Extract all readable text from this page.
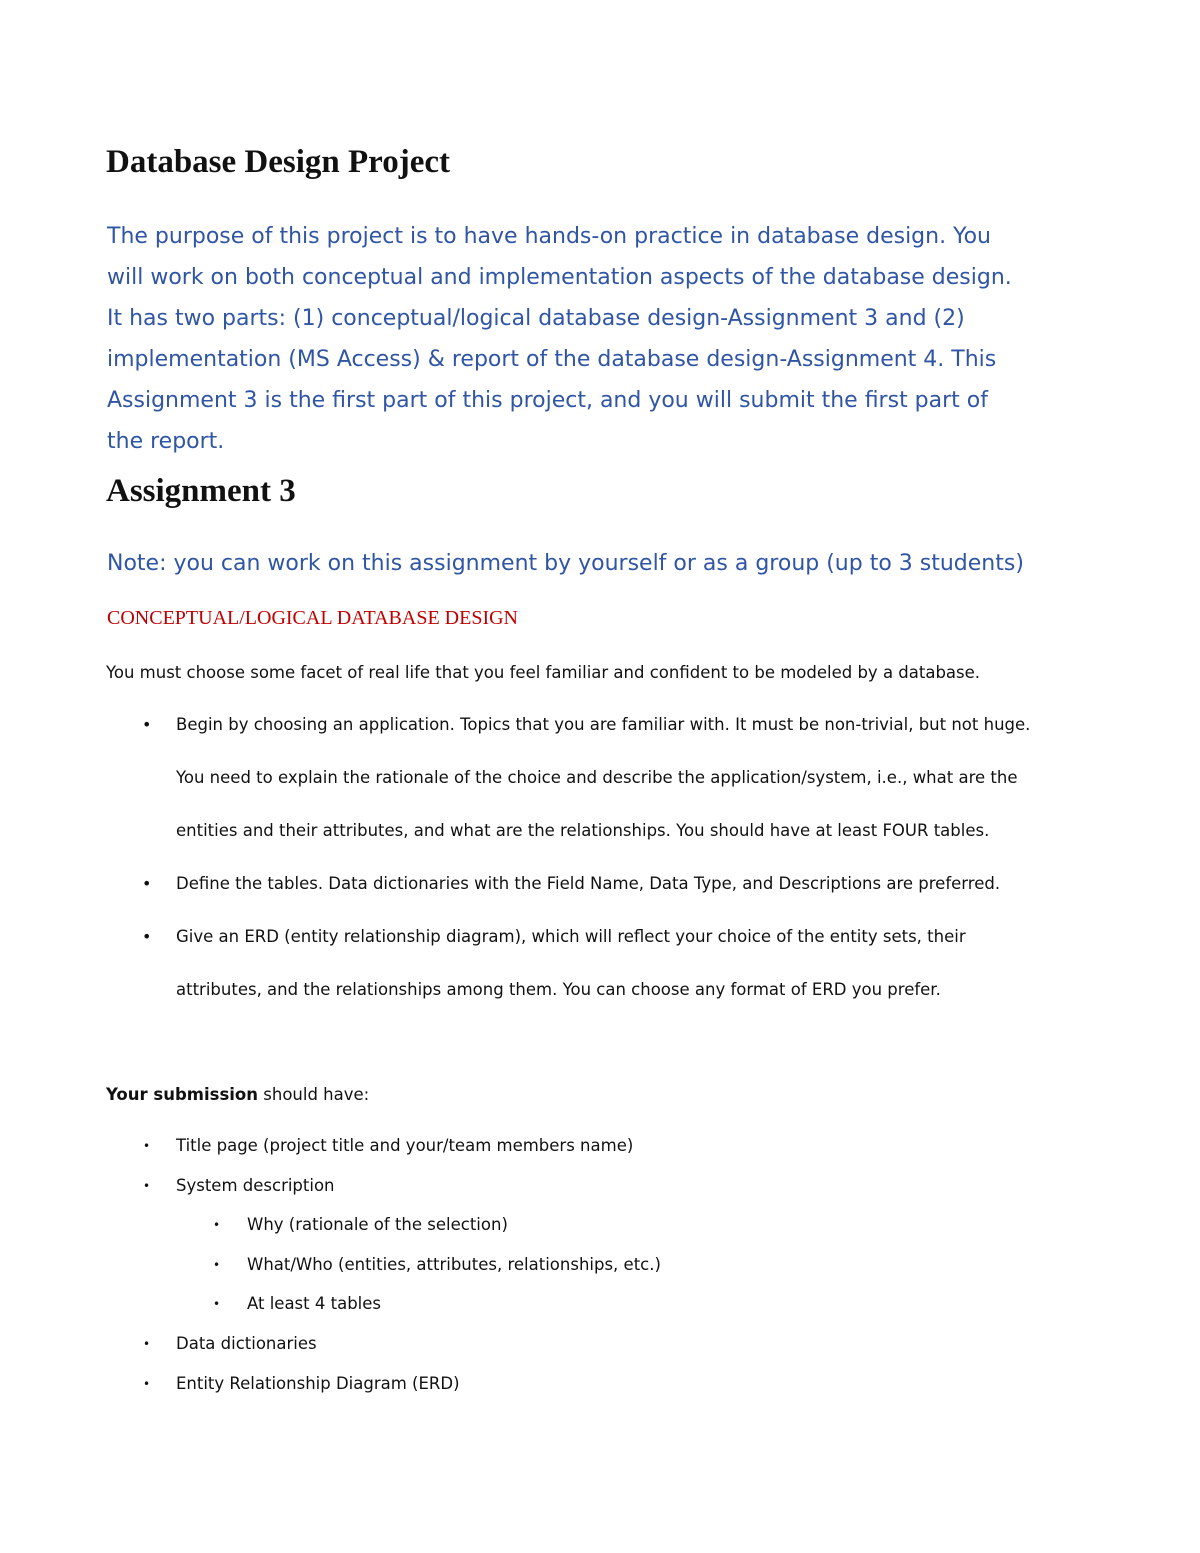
Database Design Project
The purpose of this project is to have hands-on practice in database design. You
will work on both conceptual and implementation aspects of the database design.
It has two parts: (1) conceptual/logical database design-Assignment 3 and (2)
implementation (MS Access) & report of the database design-Assignment 4. This
Assignment 3 is the first part of this project, and you will submit the first part of
the report.
Assignment 3
Note: you can work on this assignment by yourself or as a group (up to 3 students)
CONCEPTUAL/LOGICAL DATABASE DESIGN
You must choose some facet of real life that you feel familiar and confident to be modeled by a database.
• Begin by choosing an application. Topics that you are familiar with. It must be non-trivial, but not huge.
You need to explain the rationale of the choice and describe the application/system, i.e., what are the
entities and their attributes, and what are the relationships. You should have at least FOUR tables.
• Define the tables. Data dictionaries with the Field Name, Data Type, and Descriptions are preferred.
• Give an ERD (entity relationship diagram), which will reflect your choice of the entity sets, their
attributes, and the relationships among them. You can choose any format of ERD you prefer.
Your submission should have:
• Title page (project title and your/team members name)
• System description
• Why (rationale of the selection)
• What/Who (entities, attributes, relationships, etc.)
• At least 4 tables
• Data dictionaries
• Entity Relationship Diagram (ERD)
